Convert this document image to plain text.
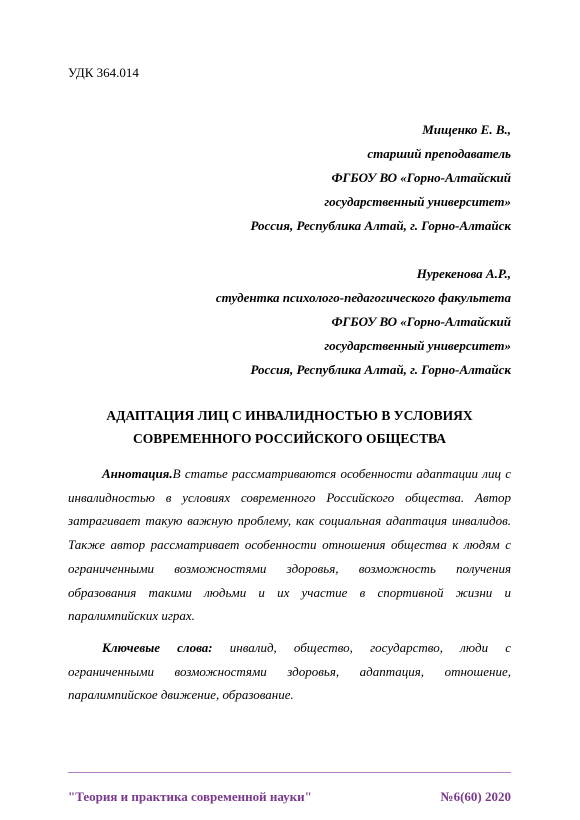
УДК 364.014
Мищенко Е. В.,
старший преподаватель
ФГБОУ ВО «Горно-Алтайский
государственный университет»
Россия, Республика Алтай, г. Горно-Алтайск
Нурекенова А.Р.,
студентка психолого-педагогического факультета
ФГБОУ ВО «Горно-Алтайский
государственный университет»
Россия, Республика Алтай, г. Горно-Алтайск
АДАПТАЦИЯ ЛИЦ С ИНВАЛИДНОСТЬЮ В УСЛОВИЯХ
СОВРЕМЕННОГО РОССИЙСКОГО ОБЩЕСТВА
Аннотация.В статье рассматриваются особенности адаптации лиц с инвалидностью в условиях современного Российского общества. Автор затрагивает такую важную проблему, как социальная адаптация инвалидов. Также автор рассматривает особенности отношения общества к людям с ограниченными возможностями здоровья, возможность получения образования такими людьми и их участие в спортивной жизни и паралимпийских играх.
Ключевые слова: инвалид, общество, государство, люди с ограниченными возможностями здоровья, адаптация, отношение, паралимпийское движение, образование.
"Теория и практика современной науки"	№6(60) 2020
